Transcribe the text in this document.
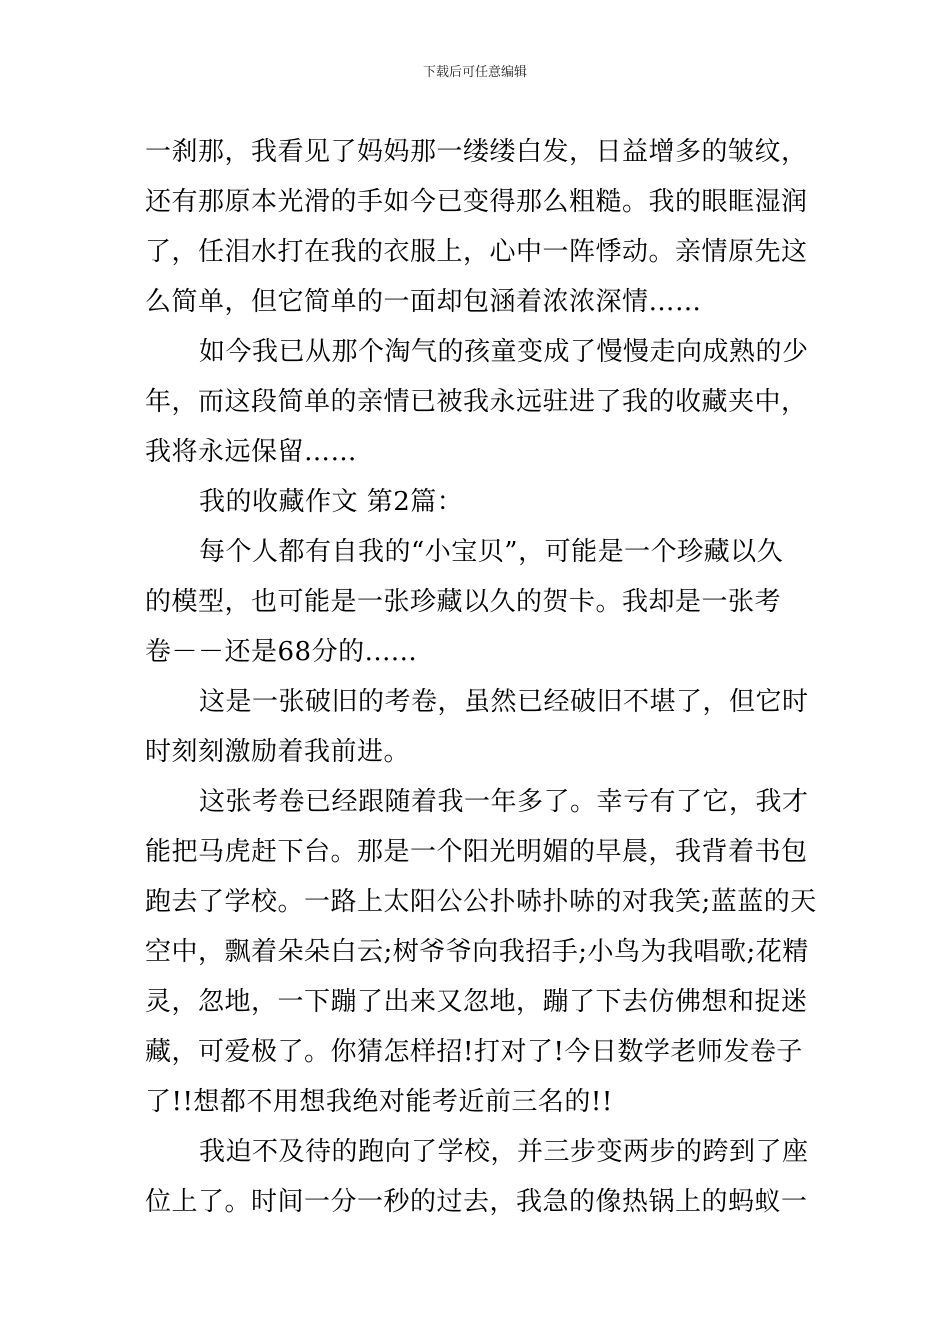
下载后可任意编辑
一刹那，我看见了妈妈那一缕缕白发，日益增多的皱纹，
还有那原本光滑的手如今已变得那么粗糙。我的眼眶湿润
了，任泪水打在我的衣服上，心中一阵悸动。亲情原先这
么简单，但它简单的一面却包涵着浓浓深情……
如今我已从那个淘气的孩童变成了慢慢走向成熟的少
年，而这段简单的亲情已被我永远驻进了我的收藏夹中，
我将永远保留……
我的收藏作文 第2篇：
每个人都有自我的“小宝贝”，可能是一个珍藏以久
的模型，也可能是一张珍藏以久的贺卡。我却是一张考
卷－－还是68分的......
这是一张破旧的考卷，虽然已经破旧不堪了，但它时
时刻刻激励着我前进。
这张考卷已经跟随着我一年多了。幸亏有了它，我才
能把马虎赶下台。那是一个阳光明媚的早晨，我背着书包
跑去了学校。一路上太阳公公扑哧扑哧的对我笑;蓝蓝的天
空中，飘着朵朵白云;树爷爷向我招手;小鸟为我唱歌;花精
灵，忽地，一下蹦了出来又忽地，蹦了下去仿佛想和捉迷
藏，可爱极了。你猜怎样招!打对了!今日数学老师发卷子
了!!想都不用想我绝对能考近前三名的!!
我迫不及待的跑向了学校，并三步变两步的跨到了座
位上了。时间一分一秒的过去，我急的像热锅上的蚂蚁一
